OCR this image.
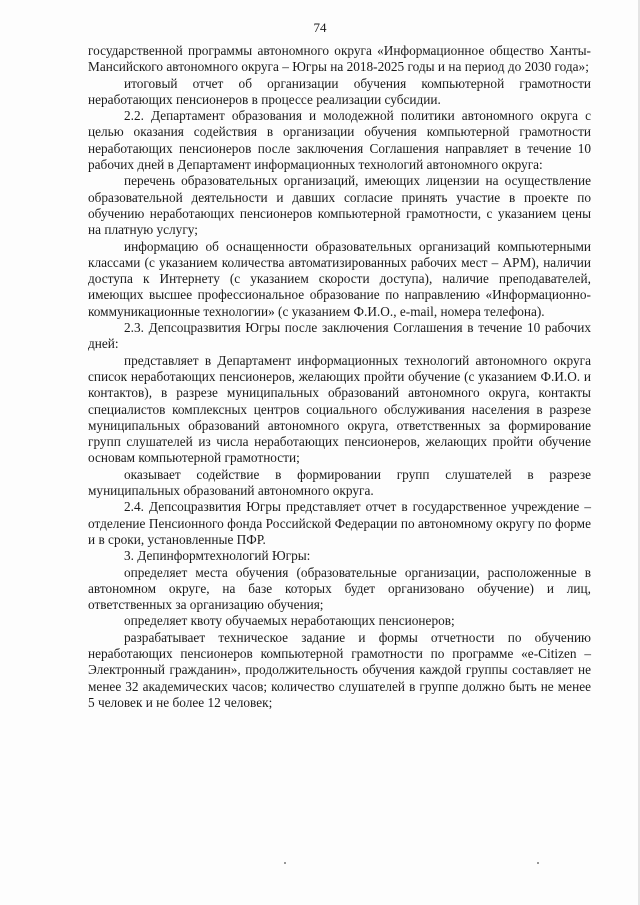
74

государственной программы автономного округа «Информационное общество Ханты-Мансийского автономного округа – Югры на 2018-2025 годы и на период до 2030 года»;

итоговый отчет об организации обучения компьютерной грамотности неработающих пенсионеров в процессе реализации субсидии.

2.2. Департамент образования и молодежной политики автономного округа с целью оказания содействия в организации обучения компьютерной грамотности неработающих пенсионеров после заключения Соглашения направляет в течение 10 рабочих дней в Департамент информационных технологий автономного округа:

перечень образовательных организаций, имеющих лицензии на осуществление образовательной деятельности и давших согласие принять участие в проекте по обучению неработающих пенсионеров компьютерной грамотности, с указанием цены на платную услугу;

информацию об оснащенности образовательных организаций компьютерными классами (с указанием количества автоматизированных рабочих мест – АРМ), наличии доступа к Интернету (с указанием скорости доступа), наличие преподавателей, имеющих высшее профессиональное образование по направлению «Информационно-коммуникационные технологии» (с указанием Ф.И.О., e-mail, номера телефона).

2.3. Депсоцразвития Югры после заключения Соглашения в течение 10 рабочих дней:

представляет в Департамент информационных технологий автономного округа список неработающих пенсионеров, желающих пройти обучение (с указанием Ф.И.О. и контактов), в разрезе муниципальных образований автономного округа, контакты специалистов комплексных центров социального обслуживания населения в разрезе муниципальных образований автономного округа, ответственных за формирование групп слушателей из числа неработающих пенсионеров, желающих пройти обучение основам компьютерной грамотности;

оказывает содействие в формировании групп слушателей в разрезе муниципальных образований автономного округа.

2.4. Депсоцразвития Югры представляет отчет в государственное учреждение – отделение Пенсионного фонда Российской Федерации по автономному округу по форме и в сроки, установленные ПФР.

3. Депинформтехнологий Югры:

определяет места обучения (образовательные организации, расположенные в автономном округе, на базе которых будет организовано обучение) и лиц, ответственных за организацию обучения;

определяет квоту обучаемых неработающих пенсионеров;

разрабатывает техническое задание и формы отчетности по обучению неработающих пенсионеров компьютерной грамотности по программе «e-Citizen – Электронный гражданин», продолжительность обучения каждой группы составляет не менее 32 академических часов; количество слушателей в группе должно быть не менее 5 человек и не более 12 человек;
